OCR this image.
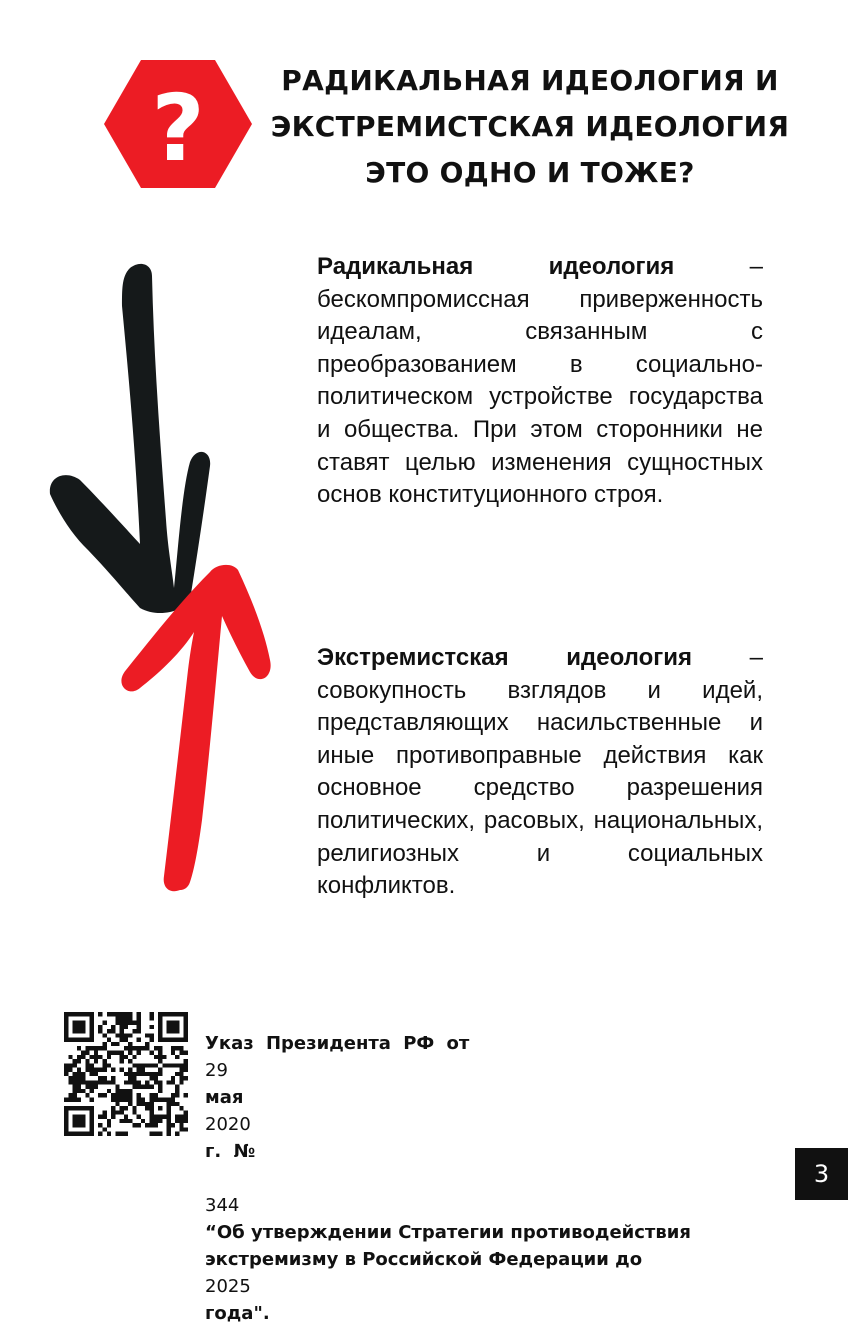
?	РАДИКАЛЬНАЯ ИДЕОЛОГИЯ И
ЭКСТРЕМИСТСКАЯ ИДЕОЛОГИЯ
ЭТО ОДНО И ТОЖЕ?

Радикальная идеология – бескомпромиссная приверженность идеалам, связанным с преобразованием в социально-политическом устройстве государства и общества. При этом сторонники не ставят целью изменения сущностных основ конституционного строя.

Экстремистская идеология – совокупность взглядов и идей, представляющих насильственные и иные противоправные действия как основное средство разрешения политических, расовых, национальных, религиозных и социальных конфликтов.

Указ Президента РФ от
29
мая
2020
г. №

344
“Об утверждении Стратегии противодействия
экстремизму в Российской Федерации до
2025
года".

3
